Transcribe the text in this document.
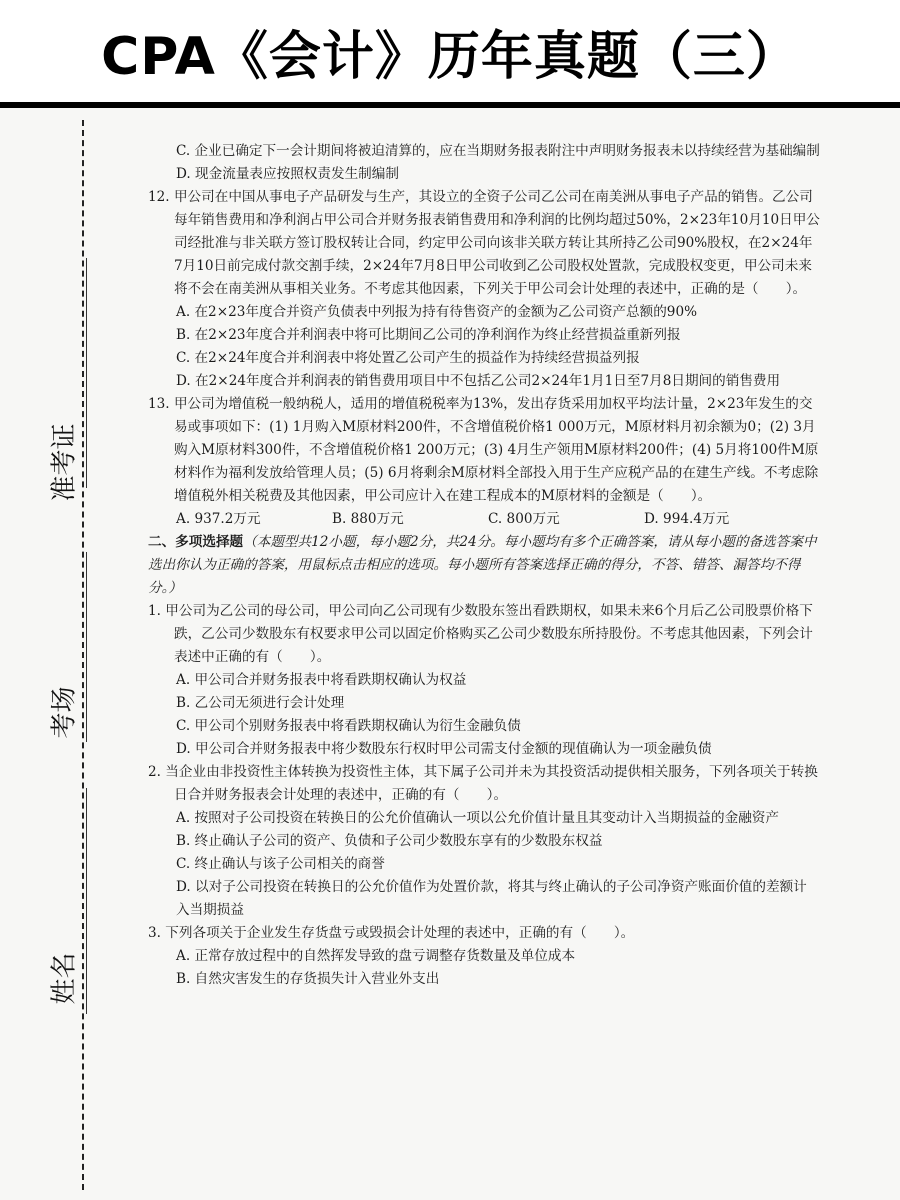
CPA《会计》历年真题（三）
准考证
考场
姓名

C. 企业已确定下一会计期间将被迫清算的，应在当期财务报表附注中声明财务报表未以持续经营为基础编制

D. 现金流量表应按照权责发生制编制

12. 甲公司在中国从事电子产品研发与生产，其设立的全资子公司乙公司在南美洲从事电子产品的销售。乙公司每年销售费用和净利润占甲公司合并财务报表销售费用和净利润的比例均超过50%，2×23年10月10日甲公司经批准与非关联方签订股权转让合同，约定甲公司向该非关联方转让其所持乙公司90%股权，在2×24年7月10日前完成付款交割手续，2×24年7月8日甲公司收到乙公司股权处置款，完成股权变更，甲公司未来将不会在南美洲从事相关业务。不考虑其他因素，下列关于甲公司会计处理的表述中，正确的是（　　）。

A. 在2×23年度合并资产负债表中列报为持有待售资产的金额为乙公司资产总额的90%

B. 在2×23年度合并利润表中将可比期间乙公司的净利润作为终止经营损益重新列报

C. 在2×24年度合并利润表中将处置乙公司产生的损益作为持续经营损益列报

D. 在2×24年度合并利润表的销售费用项目中不包括乙公司2×24年1月1日至7月8日期间的销售费用

13. 甲公司为增值税一般纳税人，适用的增值税税率为13%，发出存货采用加权平均法计量，2×23年发生的交易或事项如下：(1) 1月购入M原材料200件，不含增值税价格1 000万元，M原材料月初余额为0；(2) 3月购入M原材料300件，不含增值税价格1 200万元；(3) 4月生产领用M原材料200件；(4) 5月将100件M原材料作为福利发放给管理人员；(5) 6月将剩余M原材料全部投入用于生产应税产品的在建生产线。不考虑除增值税外相关税费及其他因素，甲公司应计入在建工程成本的M原材料的金额是（　　）。

A. 937.2万元	B. 880万元	C. 800万元	D. 994.4万元

二、多项选择题（本题型共12小题，每小题2分，共24分。每小题均有多个正确答案，请从每小题的备选答案中选出你认为正确的答案，用鼠标点击相应的选项。每小题所有答案选择正确的得分，不答、错答、漏答均不得分。）

1. 甲公司为乙公司的母公司，甲公司向乙公司现有少数股东签出看跌期权，如果未来6个月后乙公司股票价格下跌，乙公司少数股东有权要求甲公司以固定价格购买乙公司少数股东所持股份。不考虑其他因素，下列会计表述中正确的有（　　）。

A. 甲公司合并财务报表中将看跌期权确认为权益

B. 乙公司无须进行会计处理

C. 甲公司个别财务报表中将看跌期权确认为衍生金融负债

D. 甲公司合并财务报表中将少数股东行权时甲公司需支付金额的现值确认为一项金融负债

2. 当企业由非投资性主体转换为投资性主体，其下属子公司并未为其投资活动提供相关服务，下列各项关于转换日合并财务报表会计处理的表述中，正确的有（　　）。

A. 按照对子公司投资在转换日的公允价值确认一项以公允价值计量且其变动计入当期损益的金融资产

B. 终止确认子公司的资产、负债和子公司少数股东享有的少数股东权益

C. 终止确认与该子公司相关的商誉

D. 以对子公司投资在转换日的公允价值作为处置价款，将其与终止确认的子公司净资产账面价值的差额计入当期损益

3. 下列各项关于企业发生存货盘亏或毁损会计处理的表述中，正确的有（　　）。

A. 正常存放过程中的自然挥发导致的盘亏调整存货数量及单位成本

B. 自然灾害发生的存货损失计入营业外支出
